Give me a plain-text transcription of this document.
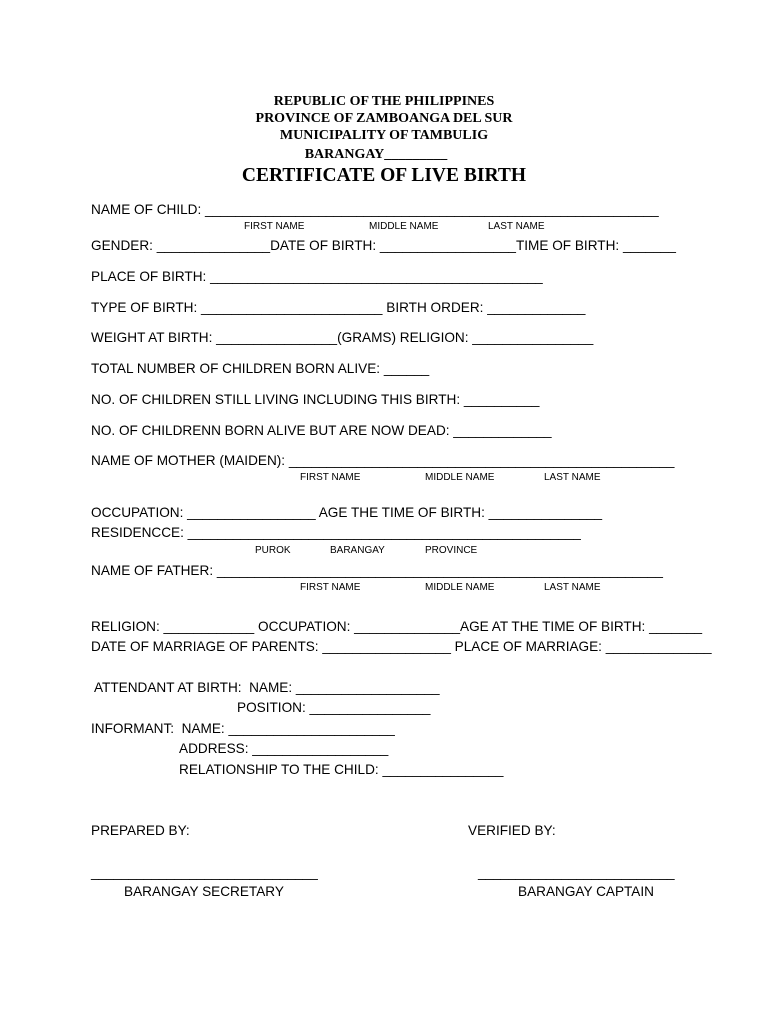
REPUBLIC OF THE PHILIPPINES
PROVINCE OF ZAMBOANGA DEL SUR
MUNICIPALITY OF TAMBULIG
BARANGAY_________
CERTIFICATE OF LIVE BIRTH
NAME OF CHILD: ____________________________________________________________
FIRST NAME	MIDDLE NAME	LAST NAME
GENDER: _______________DATE OF BIRTH: __________________TIME OF BIRTH: _______
PLACE OF BIRTH: ____________________________________________
TYPE OF BIRTH: ________________________ BIRTH ORDER: _____________
WEIGHT AT BIRTH: ________________(GRAMS) RELIGION: ________________
TOTAL NUMBER OF CHILDREN BORN ALIVE: ______
NO. OF CHILDREN STILL LIVING INCLUDING THIS BIRTH: __________
NO. OF CHILDRENN BORN ALIVE BUT ARE NOW DEAD: _____________
NAME OF MOTHER (MAIDEN): ___________________________________________________
FIRST NAME	MIDDLE NAME	LAST NAME
OCCUPATION: _________________ AGE THE TIME OF BIRTH: _______________
RESIDENCCE: ____________________________________________________
PUROK	BARANGAY	PROVINCE
NAME OF FATHER: ___________________________________________________________
FIRST NAME	MIDDLE NAME	LAST NAME
RELIGION: ____________ OCCUPATION: ______________AGE AT THE TIME OF BIRTH: _______
DATE OF MARRIAGE OF PARENTS: _________________ PLACE OF MARRIAGE: ______________
ATTENDANT AT BIRTH:  NAME: ___________________
POSITION: ________________
INFORMANT:  NAME: ______________________
ADDRESS: __________________
RELATIONSHIP TO THE CHILD: ________________
PREPARED BY:	VERIFIED BY:
______________________________	__________________________
BARANGAY SECRETARY	BARANGAY CAPTAIN
